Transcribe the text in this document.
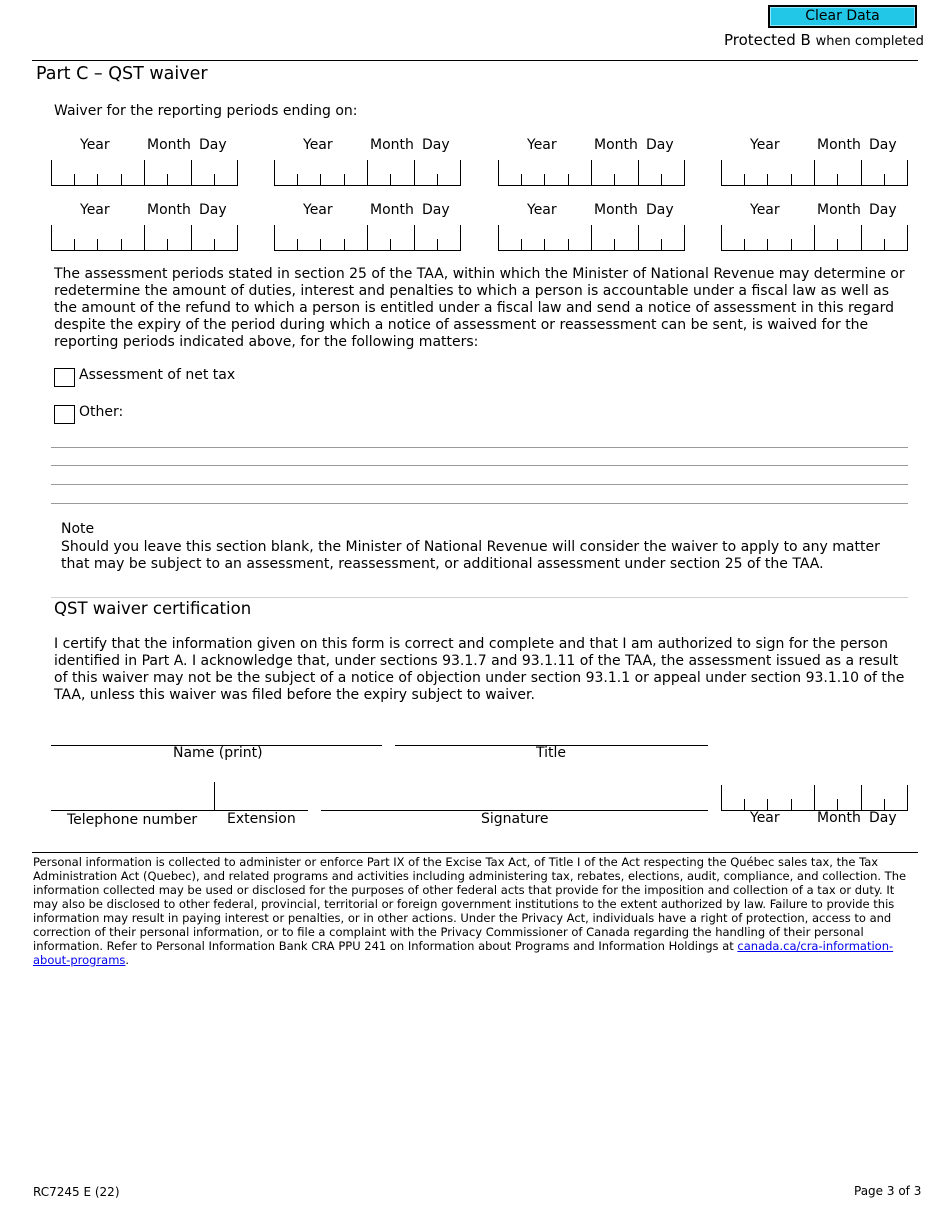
Clear Data
Protected B when completed
Part C – QST waiver
Waiver for the reporting periods ending on:
Year	Month Day	Year	Month Day	Year	Month Day	Year	Month Day
Year	Month Day	Year	Month Day	Year	Month Day	Year	Month Day
The assessment periods stated in section 25 of the TAA, within which the Minister of National Revenue may determine or redetermine the amount of duties, interest and penalties to which a person is accountable under a fiscal law as well as the amount of the refund to which a person is entitled under a fiscal law and send a notice of assessment in this regard despite the expiry of the period during which a notice of assessment or reassessment can be sent, is waived for the reporting periods indicated above, for the following matters:
Assessment of net tax
Other:
Note
Should you leave this section blank, the Minister of National Revenue will consider the waiver to apply to any matter that may be subject to an assessment, reassessment, or additional assessment under section 25 of the TAA.
QST waiver certification
I certify that the information given on this form is correct and complete and that I am authorized to sign for the person identified in Part A. I acknowledge that, under sections 93.1.7 and 93.1.11 of the TAA, the assessment issued as a result of this waiver may not be the subject of a notice of objection under section 93.1.1 or appeal under section 93.1.10 of the TAA, unless this waiver was filed before the expiry subject to waiver.
Name (print)	Title
Telephone number Extension	Signature	Year	Month Day
Personal information is collected to administer or enforce Part IX of the Excise Tax Act, of Title I of the Act respecting the Québec sales tax, the Tax Administration Act (Quebec), and related programs and activities including administering tax, rebates, elections, audit, compliance, and collection. The information collected may be used or disclosed for the purposes of other federal acts that provide for the imposition and collection of a tax or duty. It may also be disclosed to other federal, provincial, territorial or foreign government institutions to the extent authorized by law. Failure to provide this information may result in paying interest or penalties, or in other actions. Under the Privacy Act, individuals have a right of protection, access to and correction of their personal information, or to file a complaint with the Privacy Commissioner of Canada regarding the handling of their personal information. Refer to Personal Information Bank CRA PPU 241 on Information about Programs and Information Holdings at canada.ca/cra-information-about-programs.
RC7245 E (22)	Page 3 of 3
